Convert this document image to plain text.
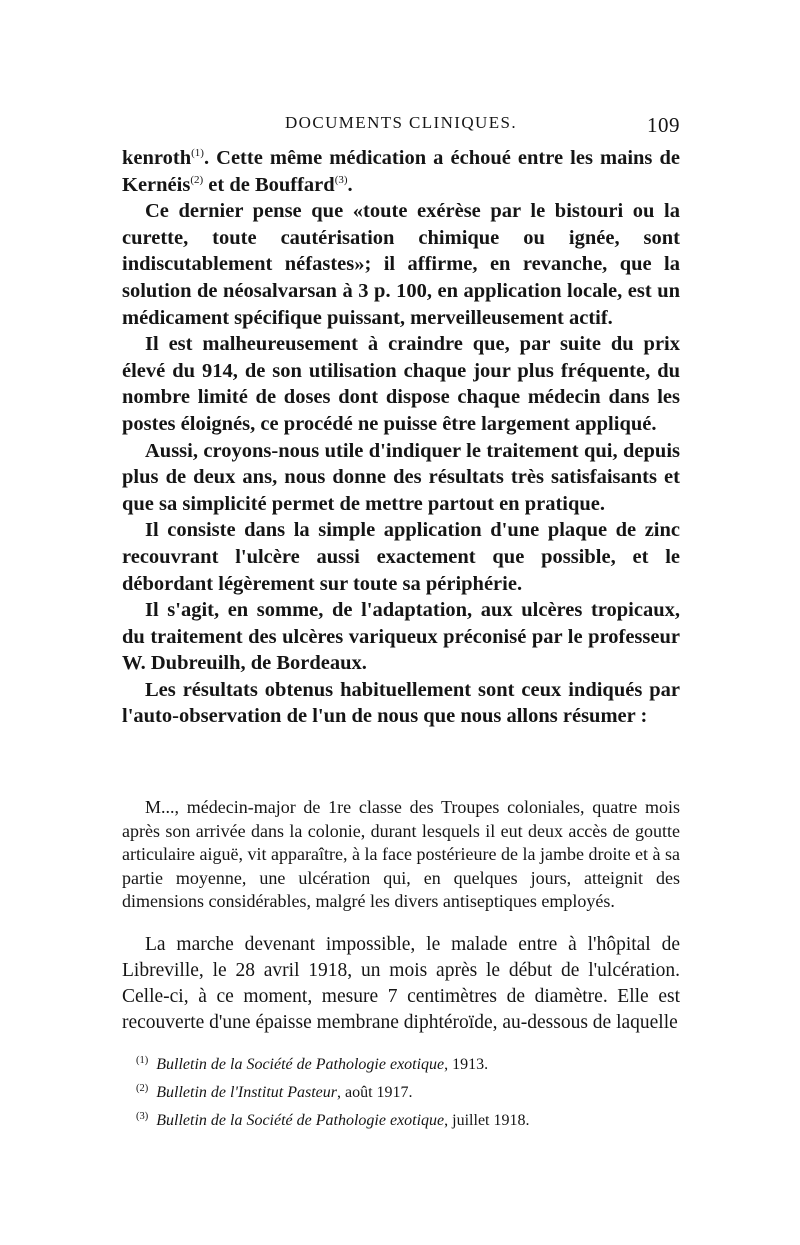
DOCUMENTS CLINIQUES.	109

kenroth$^{(1)}$. Cette même médication a échoué entre les mains de Kernéis$^{(2)}$ et de Bouffard$^{(3)}$.

Ce dernier pense que «toute exérèse par le bistouri ou la curette, toute cautérisation chimique ou ignée, sont indiscutablement néfastes»; il affirme, en revanche, que la solution de néosalvarsan à 3 p. 100, en application locale, est un médicament spécifique puissant, merveilleusement actif.

Il est malheureusement à craindre que, par suite du prix élevé du 914, de son utilisation chaque jour plus fréquente, du nombre limité de doses dont dispose chaque médecin dans les postes éloignés, ce procédé ne puisse être largement appliqué.

Aussi, croyons-nous utile d'indiquer le traitement qui, depuis plus de deux ans, nous donne des résultats très satisfaisants et que sa simplicité permet de mettre partout en pratique.

Il consiste dans la simple application d'une plaque de zinc recouvrant l'ulcère aussi exactement que possible, et le débordant légèrement sur toute sa périphérie.

Il s'agit, en somme, de l'adaptation, aux ulcères tropicaux, du traitement des ulcères variqueux préconisé par le professeur W. Dubreuilh, de Bordeaux.

Les résultats obtenus habituellement sont ceux indiqués par l'auto-observation de l'un de nous que nous allons résumer :

M..., médecin-major de 1re classe des Troupes coloniales, quatre mois après son arrivée dans la colonie, durant lesquels il eut deux accès de goutte articulaire aiguë, vit apparaître, à la face postérieure de la jambe droite et à sa partie moyenne, une ulcération qui, en quelques jours, atteignit des dimensions considérables, malgré les divers antiseptiques employés.

La marche devenant impossible, le malade entre à l'hôpital de Libreville, le 28 avril 1918, un mois après le début de l'ulcération. Celle-ci, à ce moment, mesure 7 centimètres de diamètre. Elle est recouverte d'une épaisse membrane diphtéroïde, au-dessous de laquelle

$^{(1)}$ Bulletin de la Société de Pathologie exotique, 1913.
$^{(2)}$ Bulletin de l'Institut Pasteur, août 1917.
$^{(3)}$ Bulletin de la Société de Pathologie exotique, juillet 1918.
